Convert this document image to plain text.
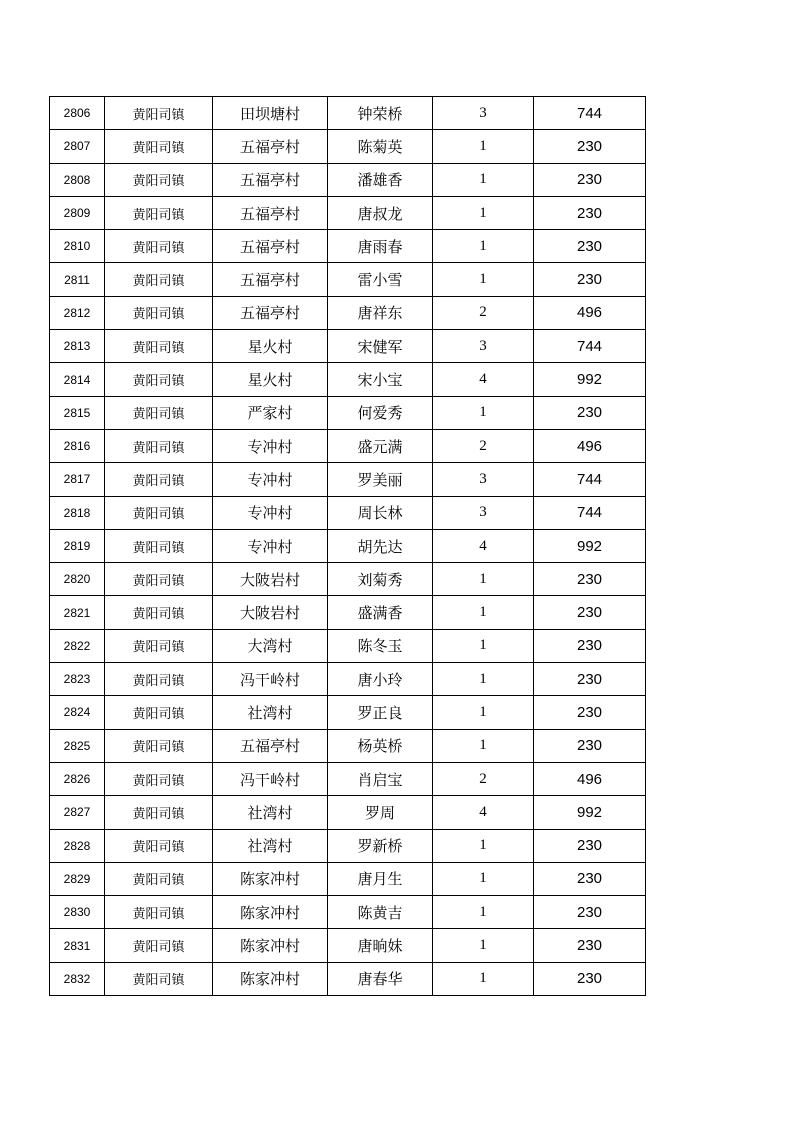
2806	黄阳司镇	田坝塘村	钟荣桥	3	744
2807	黄阳司镇	五福亭村	陈菊英	1	230
2808	黄阳司镇	五福亭村	潘雄香	1	230
2809	黄阳司镇	五福亭村	唐叔龙	1	230
2810	黄阳司镇	五福亭村	唐雨春	1	230
2811	黄阳司镇	五福亭村	雷小雪	1	230
2812	黄阳司镇	五福亭村	唐祥东	2	496
2813	黄阳司镇	星火村	宋健军	3	744
2814	黄阳司镇	星火村	宋小宝	4	992
2815	黄阳司镇	严家村	何爱秀	1	230
2816	黄阳司镇	专冲村	盛元满	2	496
2817	黄阳司镇	专冲村	罗美丽	3	744
2818	黄阳司镇	专冲村	周长林	3	744
2819	黄阳司镇	专冲村	胡先达	4	992
2820	黄阳司镇	大陂岩村	刘菊秀	1	230
2821	黄阳司镇	大陂岩村	盛满香	1	230
2822	黄阳司镇	大湾村	陈冬玉	1	230
2823	黄阳司镇	冯干岭村	唐小玲	1	230
2824	黄阳司镇	社湾村	罗正良	1	230
2825	黄阳司镇	五福亭村	杨英桥	1	230
2826	黄阳司镇	冯干岭村	肖启宝	2	496
2827	黄阳司镇	社湾村	罗周	4	992
2828	黄阳司镇	社湾村	罗新桥	1	230
2829	黄阳司镇	陈家冲村	唐月生	1	230
2830	黄阳司镇	陈家冲村	陈黄吉	1	230
2831	黄阳司镇	陈家冲村	唐晌妹	1	230
2832	黄阳司镇	陈家冲村	唐春华	1	230
